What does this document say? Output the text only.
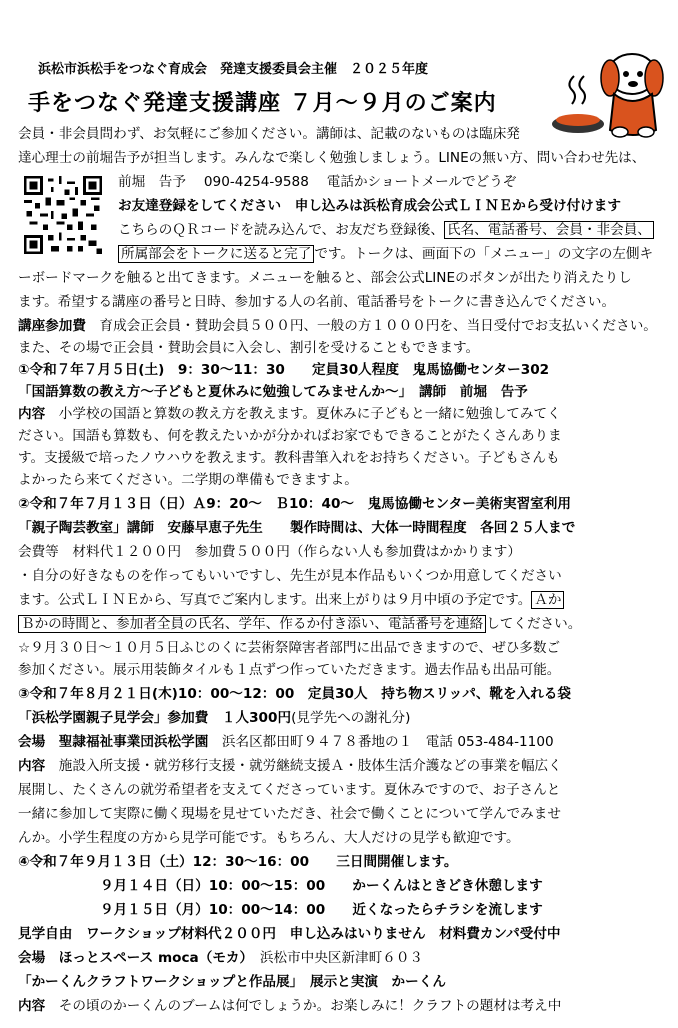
浜松市浜松手をつなぐ育成会　発達支援委員会主催　２０２５年度
手をつなぐ発達支援講座 ７月～９月のご案内
会員・非会員問わず、お気軽にご参加ください。講師は、記載のないものは臨床発
達心理士の前堀告予が担当します。みんなで楽しく勉強しましょう。LINEの無い方、問い合わせ先は、
前堀　告予　 090-4254-9588　 電話かショートメールでどうぞ
お友達登録をしてください　申し込みは浜松育成会公式ＬＩＮＥから受け付けます
こちらのＱＲコードを読み込んで、お友だち登録後、 氏名、電話番号、会員・非会員、
所属部会をトークに送ると完了 です。トークは、画面下の「メニュー」の文字の左側キ
ーボードマークを触ると出てきます。メニューを触ると、部会公式LINEのボタンが出たり消えたりし
ます。希望する講座の番号と日時、参加する人の名前、電話番号をトークに書き込んでください。
講座参加費　育成会正会員・賛助会員５００円、一般の方１０００円を、当日受付でお支払いください。
また、その場で正会員・賛助会員に入会し、割引を受けることもできます。
①令和７年７月５日(土)　9：30～11：30　　定員30人程度　鬼馬協働センター302
「国語算数の教え方～子どもと夏休みに勉強してみませんか～」　講師　前堀　告予
内容　小学校の国語と算数の教え方を教えます。夏休みに子どもと一緒に勉強してみてく
ださい。国語も算数も、何を教えたいかが分かればお家でもできることがたくさんありま
す。支援級で培ったノウハウを教えます。教科書筆入れをお持ちください。子どもさんも
よかったら来てください。二学期の準備もできますよ。
②令和７年７月１３日（日）Ａ9：20～　Ｂ10：40～　鬼馬協働センター美術実習室利用
「親子陶芸教室」講師　安藤早恵子先生　　製作時間は、大体一時間程度　各回２５人まで
会費等　材料代１２００円　参加費５００円（作らない人も参加費はかかります）
・自分の好きなものを作ってもいいですし、先生が見本作品もいくつか用意してください
ます。公式ＬＩＮＥから、写真でご案内します。出来上がりは９月中頃の予定です。 Ａか
Ｂかの時間と、参加者全員の氏名、学年、作るか付き添い、電話番号を連絡 してください。
☆９月３０日～１０月５日ふじのくに芸術祭障害者部門に出品できますので、ぜひ多数ご
参加ください。展示用装飾タイルも１点ずつ作っていただきます。過去作品も出品可能。
③令和７年８月２１日(木)10：00～12：00　定員30人　持ち物スリッパ、靴を入れる袋
「浜松学園親子見学会」参加費　１人300円(見学先への謝礼分)
会場　聖隷福祉事業団浜松学園　浜名区都田町９４７８番地の１　電話 053-484-1100
内容　施設入所支援・就労移行支援・就労継続支援Ａ・肢体生活介護などの事業を幅広く
展開し、たくさんの就労希望者を支えてくださっています。夏休みですので、お子さんと
一緒に参加して実際に働く現場を見せていただき、社会で働くことについて学んでみませ
んか。小学生程度の方から見学可能です。もちろん、大人だけの見学も歓迎です。
④令和７年９月１３日（土）12：30～16：00　　三日間開催します。
９月１４日（日）10：00～15：00　　かーくんはときどき休憩します
９月１５日（月）10：00～14：00　　近くなったらチラシを流します
見学自由　ワークショップ材料代２００円　申し込みはいりません　材料費カンパ受付中
会場　ほっとスペース moca（モカ）　 浜松市中央区新津町６０３
「かーくんクラフトワークショップと作品展」　展示と実演　かーくん
内容　その頃のかーくんのブームは何でしょうか。お楽しみに！クラフトの題材は考え中
